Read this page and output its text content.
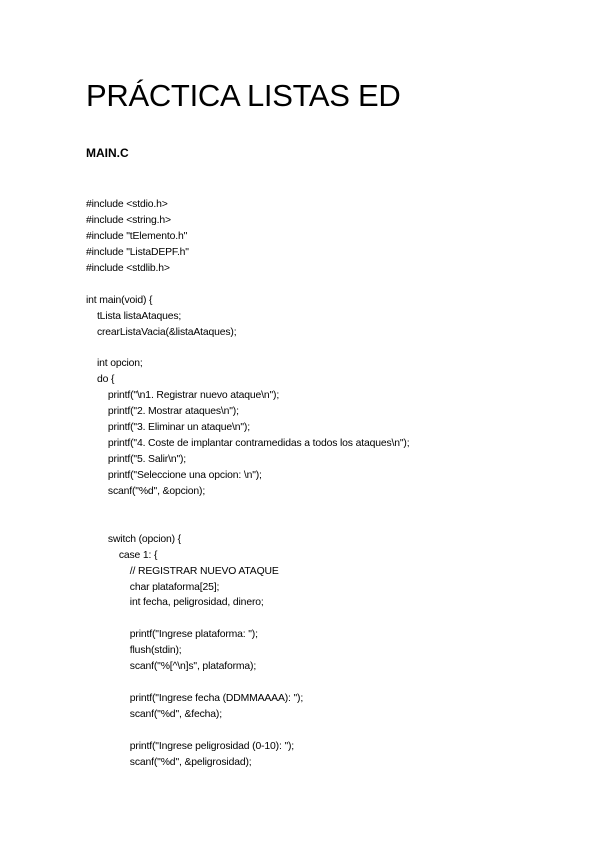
PRÁCTICA LISTAS ED
MAIN.C
#include <stdio.h>
#include <string.h>
#include "tElemento.h"
#include "ListaDEPF.h"
#include <stdlib.h>
int main(void) {
tLista listaAtaques;
crearListaVacia(&listaAtaques);
int opcion;
do {
printf("\n1. Registrar nuevo ataque\n");
printf("2. Mostrar ataques\n");
printf("3. Eliminar un ataque\n");
printf("4. Coste de implantar contramedidas a todos los ataques\n");
printf("5. Salir\n");
printf("Seleccione una opcion: \n");
scanf("%d", &opcion);
switch (opcion) {
case 1: {
// REGISTRAR NUEVO ATAQUE
char plataforma[25];
int fecha, peligrosidad, dinero;
printf("Ingrese plataforma: ");
flush(stdin);
scanf("%[^\n]s", plataforma);
printf("Ingrese fecha (DDMMAAAA): ");
scanf("%d", &fecha);
printf("Ingrese peligrosidad (0-10): ");
scanf("%d", &peligrosidad);
